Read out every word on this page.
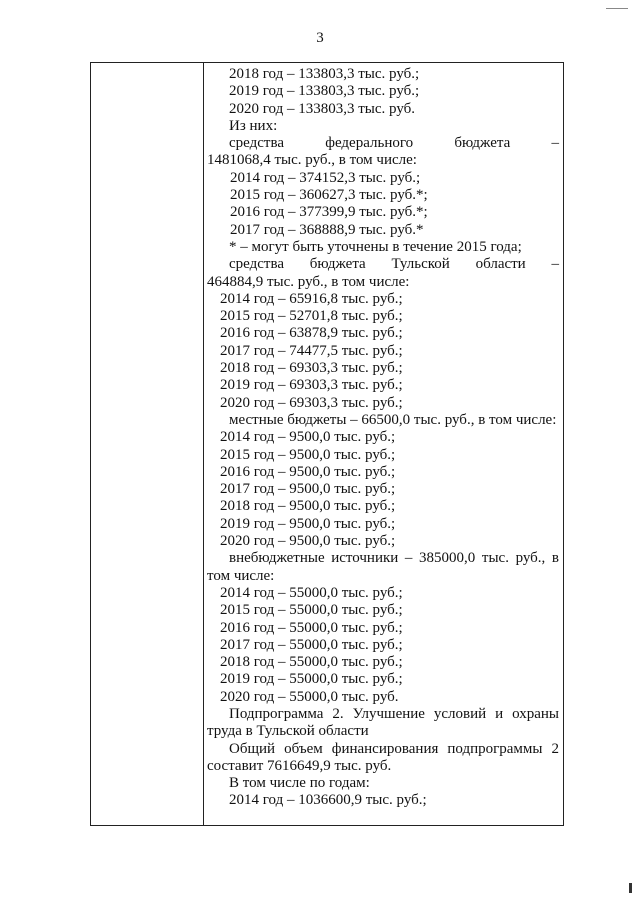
3
2018 год – 133803,3 тыс. руб.;
2019 год – 133803,3 тыс. руб.;
2020 год – 133803,3 тыс. руб.
Из них:
средства федерального бюджета –
1481068,4 тыс. руб., в том числе:
2014 год – 374152,3 тыс. руб.;
2015 год – 360627,3 тыс. руб.*;
2016 год – 377399,9 тыс. руб.*;
2017 год – 368888,9 тыс. руб.*
* – могут быть уточнены в течение 2015 года;
средства бюджета Тульской области –
464884,9 тыс. руб., в том числе:
2014 год – 65916,8 тыс. руб.;
2015 год – 52701,8 тыс. руб.;
2016 год – 63878,9 тыс. руб.;
2017 год – 74477,5 тыс. руб.;
2018 год – 69303,3 тыс. руб.;
2019 год – 69303,3 тыс. руб.;
2020 год – 69303,3 тыс. руб.;
местные бюджеты – 66500,0 тыс. руб., в том числе:
2014 год – 9500,0 тыс. руб.;
2015 год – 9500,0 тыс. руб.;
2016 год – 9500,0 тыс. руб.;
2017 год – 9500,0 тыс. руб.;
2018 год – 9500,0 тыс. руб.;
2019 год – 9500,0 тыс. руб.;
2020 год – 9500,0 тыс. руб.;
внебюджетные источники – 385000,0 тыс. руб., в
том числе:
2014 год – 55000,0 тыс. руб.;
2015 год – 55000,0 тыс. руб.;
2016 год – 55000,0 тыс. руб.;
2017 год – 55000,0 тыс. руб.;
2018 год – 55000,0 тыс. руб.;
2019 год – 55000,0 тыс. руб.;
2020 год – 55000,0 тыс. руб.
Подпрограмма 2. Улучшение условий и охраны
труда в Тульской области
Общий объем финансирования подпрограммы 2
составит 7616649,9 тыс. руб.
В том числе по годам:
2014 год – 1036600,9 тыс. руб.;
